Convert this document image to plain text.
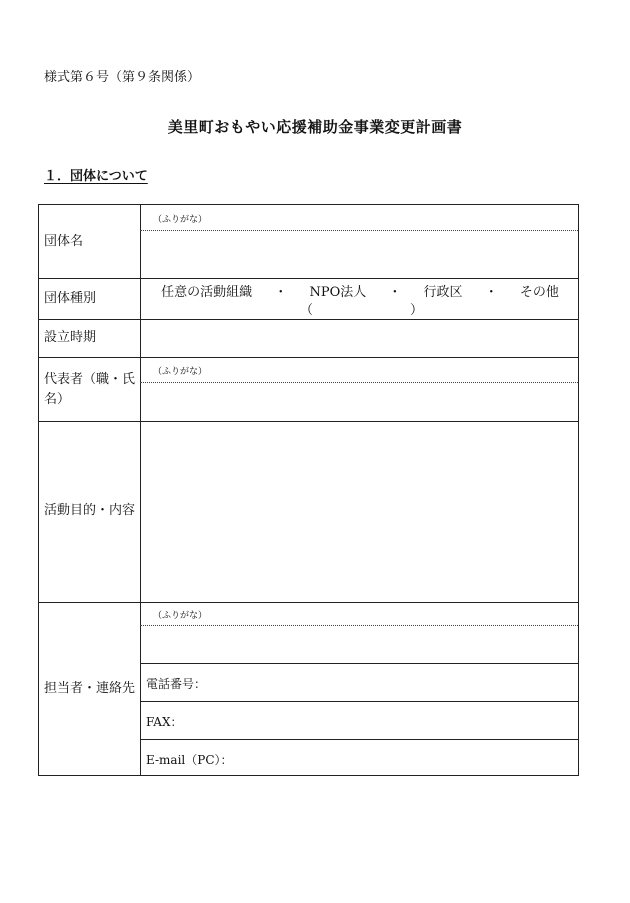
様式第６号（第９条関係）
美里町おもやい応援補助金事業変更計画書
１．団体について
（ふりがな）
団体名
団体種別	任意の活動組織 ・ NPO法人 ・ 行政区 ・ その他
（	）
設立時期
（ふりがな）
代表者（職・氏名）
活動目的・内容
（ふりがな）
担当者・連絡先 電話番号：
FAX：
E-mail（PC）：
